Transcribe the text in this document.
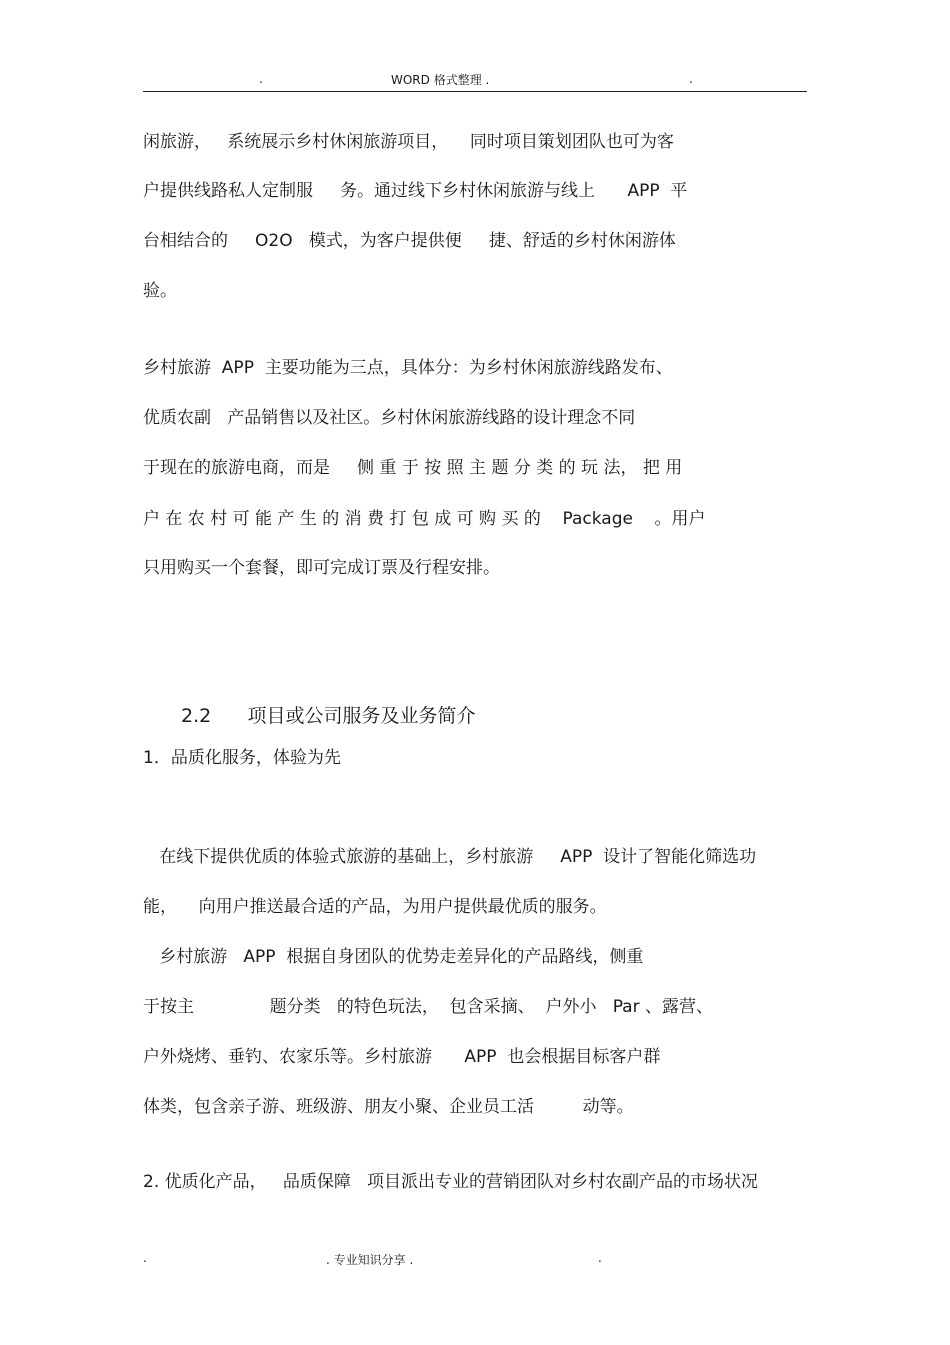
.	WORD 格式整理 .	.
闲旅游，   系统展示乡村休闲旅游项目，    同时项目策划团队也可为客
户提供线路私人定制服     务。通过线下乡村休闲旅游与线上      APP  平
台相结合的     O2O   模式，为客户提供便     捷、舒适的乡村休闲游体
验。
乡村旅游  APP  主要功能为三点，具体分：为乡村休闲旅游线路发布、
优质农副   产品销售以及社区。乡村休闲旅游线路的设计理念不同
于现在的旅游电商，而是     侧 重 于 按 照 主 题 分 类 的 玩 法， 把 用
户 在 农 村 可 能 产 生 的 消 费 打 包 成 可 购 买 的    Package    。用户
只用购买一个套餐，即可完成订票及行程安排。
2.2      项目或公司服务及业务简介
1．品质化服务，体验为先
在线下提供优质的体验式旅游的基础上，乡村旅游     APP  设计了智能化筛选功
能，    向用户推送最合适的产品，为用户提供最优质的服务。
乡村旅游   APP  根据自身团队的优势走差异化的产品路线，侧重
于按主              题分类   的特色玩法，  包含采摘、  户外小   Par 、露营、
户外烧烤、垂钓、农家乐等。乡村旅游      APP  也会根据目标客户群
体类，包含亲子游、班级游、朋友小聚、企业员工活         动等。
2. 优质化产品，   品质保障   项目派出专业的营销团队对乡村农副产品的市场状况
.	. 专业知识分享 .	.
